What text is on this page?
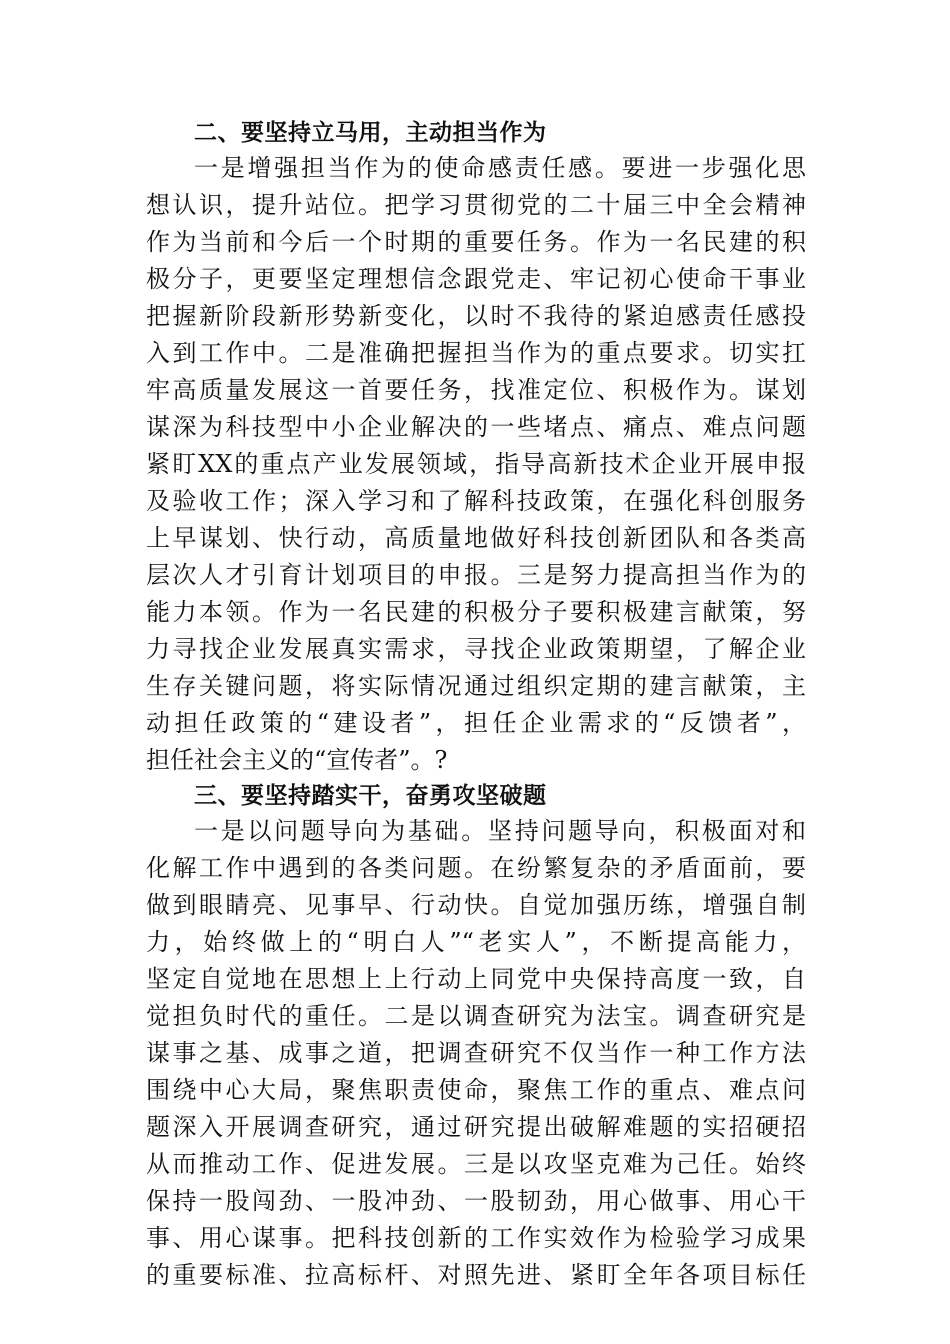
二、要坚持立马用，主动担当作为
一是增强担当作为的使命感责任感。要进一步强化思
想认识，提升站位。把学习贯彻党的二十届三中全会精神
作为当前和今后一个时期的重要任务。作为一名民建的积
极分子，更要坚定理想信念跟党走、牢记初心使命干事业
把握新阶段新形势新变化，以时不我待的紧迫感责任感投
入到工作中。二是准确把握担当作为的重点要求。切实扛
牢高质量发展这一首要任务，找准定位、积极作为。谋划
谋深为科技型中小企业解决的一些堵点、痛点、难点问题
紧盯XX的重点产业发展领域，指导高新技术企业开展申报
及验收工作；深入学习和了解科技政策，在强化科创服务
上早谋划、快行动，高质量地做好科技创新团队和各类高
层次人才引育计划项目的申报。三是努力提高担当作为的
能力本领。作为一名民建的积极分子要积极建言献策，努
力寻找企业发展真实需求，寻找企业政策期望，了解企业
生存关键问题，将实际情况通过组织定期的建言献策，主
动担任政策的“建设者”，担任企业需求的“反馈者”，
担任社会主义的“宣传者”。?
三、要坚持踏实干，奋勇攻坚破题
一是以问题导向为基础。坚持问题导向，积极面对和
化解工作中遇到的各类问题。在纷繁复杂的矛盾面前，要
做到眼睛亮、见事早、行动快。自觉加强历练，增强自制
力，始终做上的“明白人”“老实人”，不断提高能力，
坚定自觉地在思想上上行动上同党中央保持高度一致，自
觉担负时代的重任。二是以调查研究为法宝。调查研究是
谋事之基、成事之道，把调查研究不仅当作一种工作方法
围绕中心大局，聚焦职责使命，聚焦工作的重点、难点问
题深入开展调查研究，通过研究提出破解难题的实招硬招
从而推动工作、促进发展。三是以攻坚克难为己任。始终
保持一股闯劲、一股冲劲、一股韧劲，用心做事、用心干
事、用心谋事。把科技创新的工作实效作为检验学习成果
的重要标准、拉高标杆、对照先进、紧盯全年各项目标任
